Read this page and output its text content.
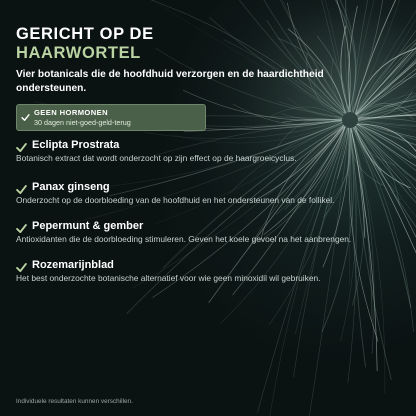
GERICHT OP DE
HAARWORTEL

Vier botanicals die de hoofdhuid verzorgen en de haardichtheid ondersteunen.

GEEN HORMONEN
30 dagen niet-goed-geld-terug
Eclipta Prostrata
Botanisch extract dat wordt onderzocht op zijn effect op de haargroeicyclus.
Panax ginseng
Onderzocht op de doorbloeding van de hoofdhuid en het ondersteunen van de follikel.
Pepermunt & gember
Antioxidanten die de doorbloeding stimuleren. Geven het koele gevoel na het aanbrengen.
Rozemarijnblad
Het best onderzochte botanische alternatief voor wie geen minoxidil wil gebruiken.
Individuele resultaten kunnen verschillen.
